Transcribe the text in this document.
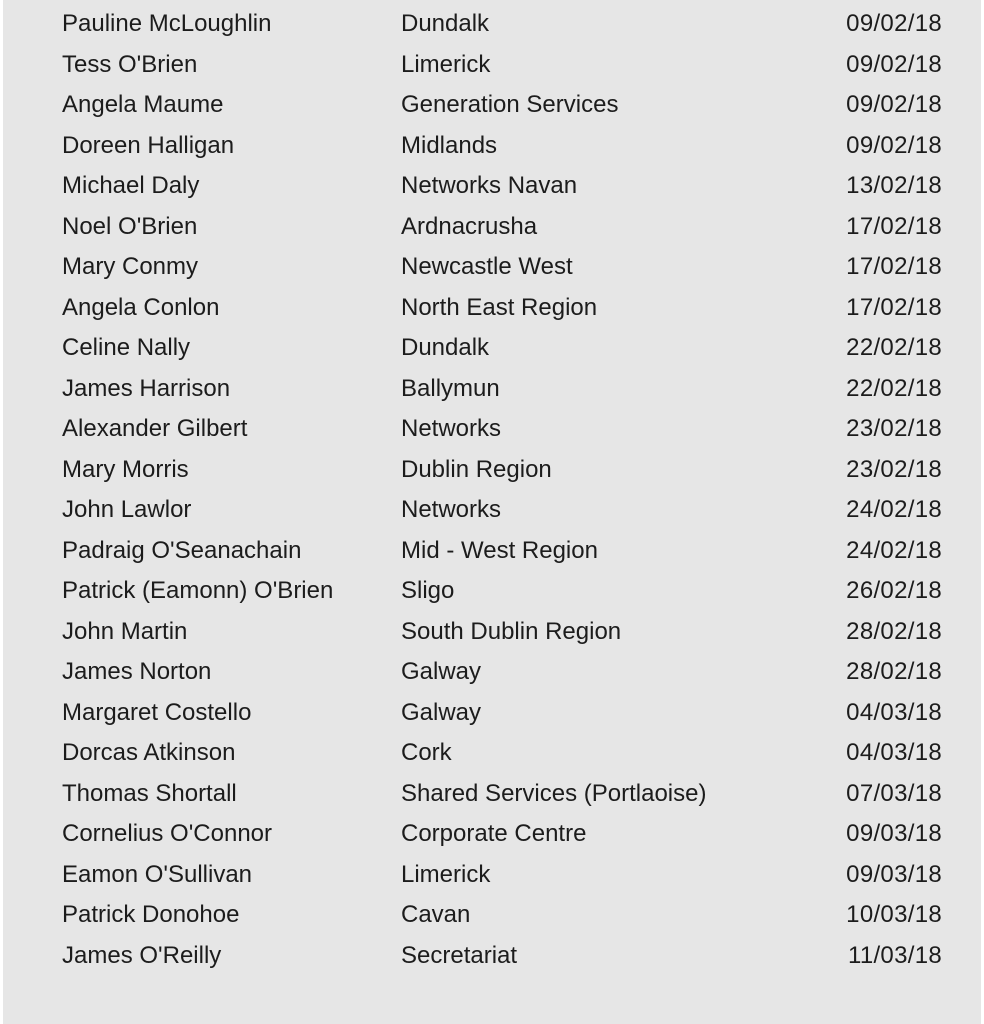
Pauline McLoughlin	Dundalk	09/02/18
Tess O'Brien	Limerick	09/02/18
Angela Maume	Generation Services	09/02/18
Doreen Halligan	Midlands	09/02/18
Michael Daly	Networks Navan	13/02/18
Noel O'Brien	Ardnacrusha	17/02/18
Mary Conmy	Newcastle West	17/02/18
Angela Conlon	North East Region	17/02/18
Celine Nally	Dundalk	22/02/18
James Harrison	Ballymun	22/02/18
Alexander Gilbert	Networks	23/02/18
Mary Morris	Dublin Region	23/02/18
John Lawlor	Networks	24/02/18
Padraig O'Seanachain	Mid - West Region	24/02/18
Patrick (Eamonn) O'Brien	Sligo	26/02/18
John Martin	South Dublin Region	28/02/18
James Norton	Galway	28/02/18
Margaret Costello	Galway	04/03/18
Dorcas Atkinson	Cork	04/03/18
Thomas Shortall	Shared Services (Portlaoise)	07/03/18
Cornelius O'Connor	Corporate Centre	09/03/18
Eamon O'Sullivan	Limerick	09/03/18
Patrick Donohoe	Cavan	10/03/18
James O'Reilly	Secretariat	11/03/18
